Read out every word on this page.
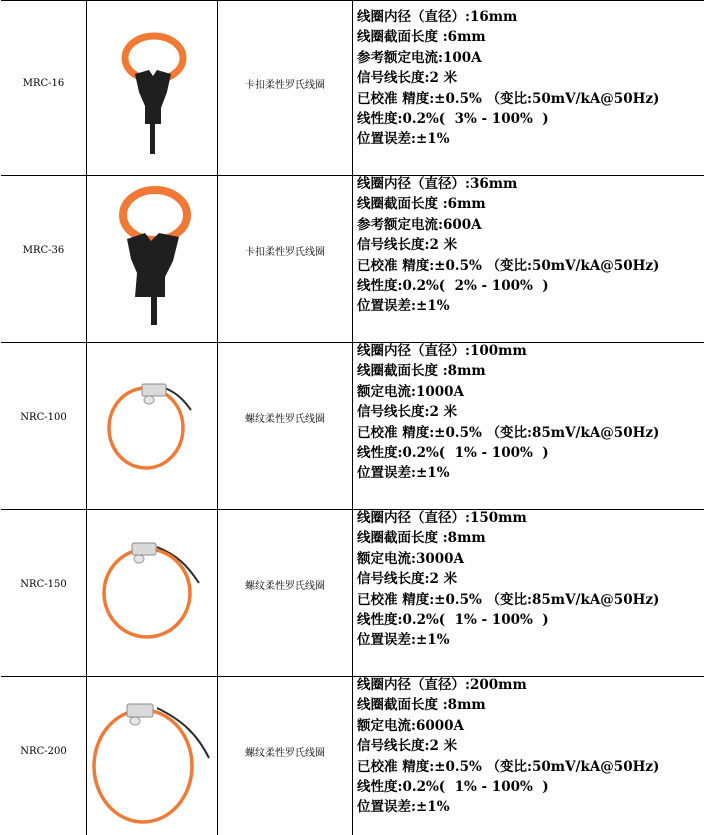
MRC-16	卡扣柔性罗氏线圈
线圈内径（直径）:16mm
线圈截面长度 :6mm
参考额定电流:100A
信号线长度:2 米
已校准 精度:±0.5% （变比:50mV/kA@50Hz)
线性度:0.2%(  3% - 100%  )
位置误差:±1%
MRC-36	卡扣柔性罗氏线圈
线圈内径（直径）:36mm
线圈截面长度 :6mm
参考额定电流:600A
信号线长度:2 米
已校准 精度:±0.5% （变比:50mV/kA@50Hz)
线性度:0.2%(  2% - 100%  )
位置误差:±1%
NRC-100	螺纹柔性罗氏线圈
线圈内径（直径）:100mm
线圈截面长度 :8mm
额定电流:1000A
信号线长度:2 米
已校准 精度:±0.5% （变比:85mV/kA@50Hz)
线性度:0.2%(  1% - 100%  )
位置误差:±1%
NRC-150	螺纹柔性罗氏线圈
线圈内径（直径）:150mm
线圈截面长度 :8mm
额定电流:3000A
信号线长度:2 米
已校准 精度:±0.5% （变比:85mV/kA@50Hz)
线性度:0.2%(  1% - 100%  )
位置误差:±1%
NRC-200	螺纹柔性罗氏线圈
线圈内径（直径）:200mm
线圈截面长度 :8mm
额定电流:6000A
信号线长度:2 米
已校准 精度:±0.5% （变比:50mV/kA@50Hz)
线性度:0.2%(  1% - 100%  )
位置误差:±1%
